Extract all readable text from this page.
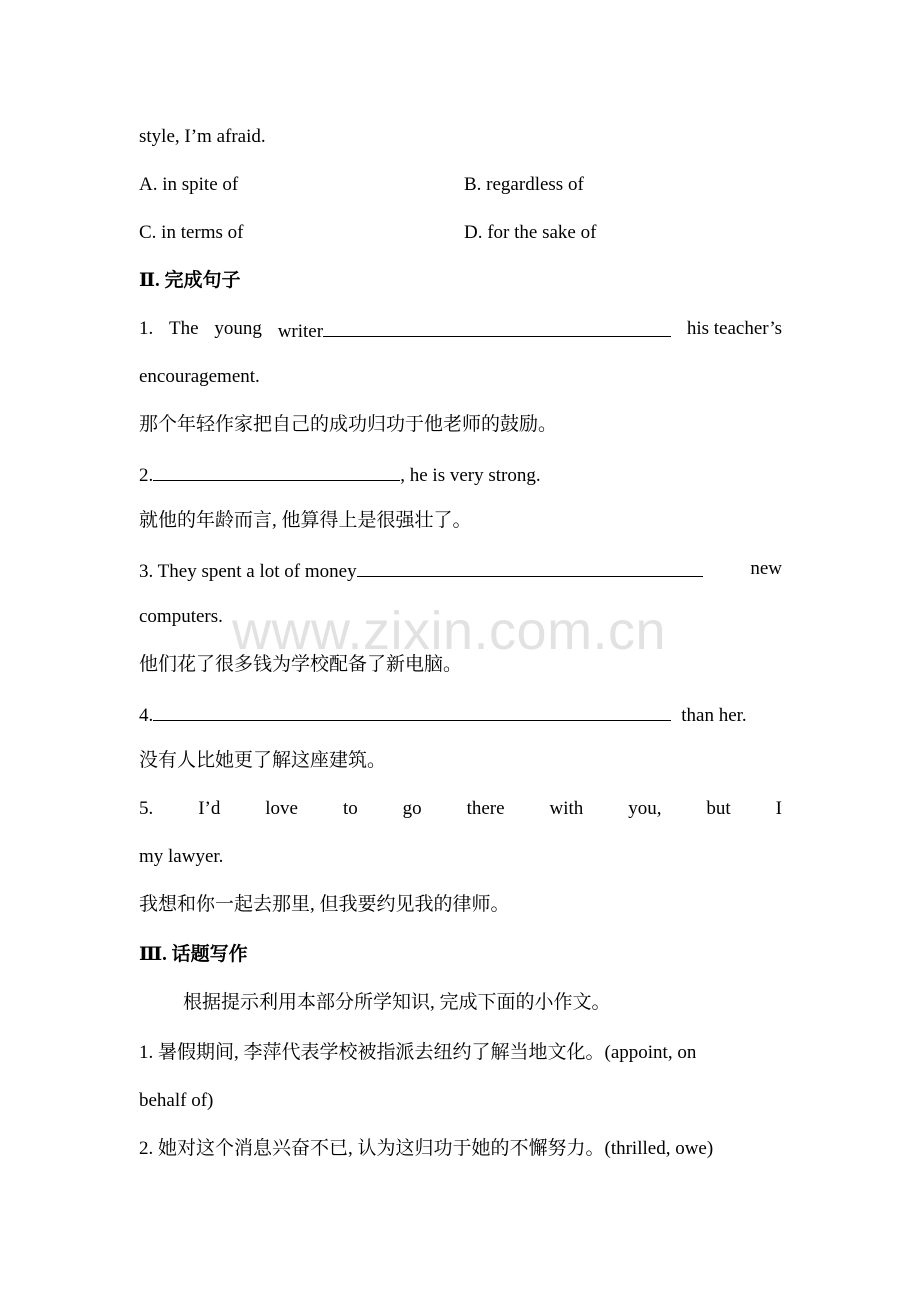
style, I’m afraid.
A. in spite of	B. regardless of
C. in terms of	D. for the sake of
Ⅱ. 完成句子
1. The young writer	his teacher’s
encouragement.
那个年轻作家把自己的成功归功于他老师的鼓励。
2.	, he is very strong.
就他的年龄而言, 他算得上是很强壮了。
3. They spent a lot of money	new
computers.
他们花了很多钱为学校配备了新电脑。
4.	than her.
没有人比她更了解这座建筑。
5. I’d love to go there with you, but I
my lawyer.
我想和你一起去那里, 但我要约见我的律师。
Ⅲ. 话题写作
根据提示利用本部分所学知识, 完成下面的小作文。
1. 暑假期间, 李萍代表学校被指派去纽约了解当地文化。(appoint, on
behalf of)
2. 她对这个消息兴奋不已, 认为这归功于她的不懈努力。(thrilled, owe)
www.zixin.com.cn
